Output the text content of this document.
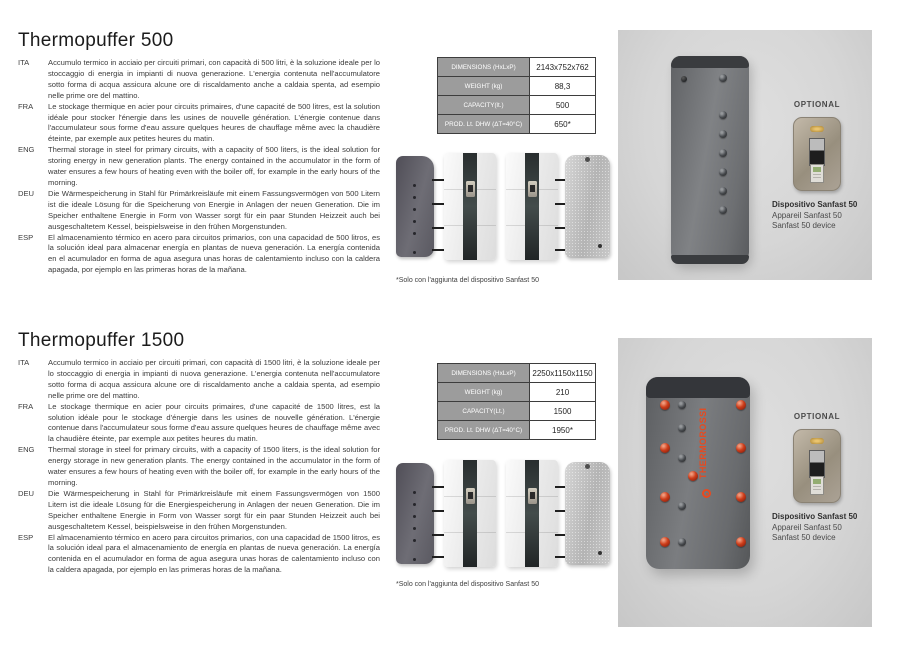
Thermopuffer 500
ITA	Accumulo termico in acciaio per circuiti primari, con capacità di 500 litri, è la soluzione ideale per lo stoccaggio di energia in impianti di nuova generazione. L'energia contenuta nell'accumulatore sotto forma di acqua assicura alcune ore di riscaldamento anche a caldaia spenta, ad esempio nelle prime ore del mattino.
FRA	Le stockage thermique en acier pour circuits primaires, d'une capacité de 500 litres, est la solution idéale pour stocker l'énergie dans les usines de nouvelle génération. L'énergie contenue dans l'accumulateur sous forme d'eau assure quelques heures de chauffage même avec la chaudière éteinte, par exemple aux petites heures du matin.
ENG	Thermal storage in steel for primary circuits, with a capacity of 500 liters, is the ideal solution for storing energy in new generation plants. The energy contained in the accumulator in the form of water ensures a few hours of heating even with the boiler off, for example in the early hours of the morning.
DEU	Die Wärmespeicherung in Stahl für Primärkreisläufe mit einem Fassungsvermögen von 500 Litern ist die ideale Lösung für die Speicherung von Energie in Anlagen der neuen Generation. Die im Speicher enthaltene Energie in Form von Wasser sorgt für ein paar Stunden Heizzeit auch bei ausgeschaltetem Kessel, beispielsweise in den frühen Morgenstunden.
ESP	El almacenamiento térmico en acero para circuitos primarios, con una capacidad de 500 litros, es la solución ideal para almacenar energía en plantas de nueva generación. La energía contenida en el acumulador en forma de agua asegura unas horas de calentamiento incluso con la caldera apagada, por ejemplo en las primeras horas de la mañana.
DIMENSIONS (HxLxP)	2143x752x762
WEIGHT (kg)	88,3
CAPACITY(lt.)	500
PROD. Lt. DHW (ΔT=40°C)	650*
*Solo con l'aggiunta del dispositivo Sanfast 50
OPTIONAL
Dispositivo Sanfast 50
Appareil Sanfast 50
Sanfast 50 device
Thermopuffer 1500
ITA	Accumulo termico in acciaio per circuiti primari, con capacità di 1500 litri, è la soluzione ideale per lo stoccaggio di energia in impianti di nuova generazione. L'energia contenuta nell'accumulatore sotto forma di acqua assicura alcune ore di riscaldamento anche a caldaia spenta, ad esempio nelle prime ore del mattino.
FRA	Le stockage thermique en acier pour circuits primaires, d'une capacité de 1500 litres, est la solution idéale pour le stockage d'énergie dans les usines de nouvelle génération. L'énergie contenue dans l'accumulateur sous forme d'eau assure quelques heures de chauffage même avec la chaudière éteinte, par exemple aux petites heures du matin.
ENG	Thermal storage in steel for primary circuits, with a capacity of 1500 liters, is the ideal solution for energy storage in new generation plants. The energy contained in the accumulator in the form of water ensures a few hours of heating even with the boiler off, for example in the early hours of the morning.
DEU	Die Wärmespeicherung in Stahl für Primärkreisläufe mit einem Fassungsvermögen von 1500 Litern ist die ideale Lösung für die Energiespeicherung in Anlagen der neuen Generation. Die im Speicher enthaltene Energie in Form von Wasser sorgt für ein paar Stunden Heizzeit auch bei ausgeschaltetem Kessel, beispielsweise in den frühen Morgenstunden.
ESP	El almacenamiento térmico en acero para circuitos primarios, con una capacidad de 1500 litros, es la solución ideal para el almacenamiento de energía en plantas de nueva generación. La energía contenida en el acumulador en forma de agua asegura unas horas de calentamiento incluso con la caldera apagada, por ejemplo en las primeras horas de la mañana.
DIMENSIONS (HxLxP)	2250x1150x1150
WEIGHT (kg)	210
CAPACITY(Lt.)	1500
PROD. Lt. DHW (ΔT=40°C)	1950*
*Solo con l'aggiunta del dispositivo Sanfast 50
THERMOROSSI	OPTIONAL
Dispositivo Sanfast 50
Appareil Sanfast 50
Sanfast 50 device
